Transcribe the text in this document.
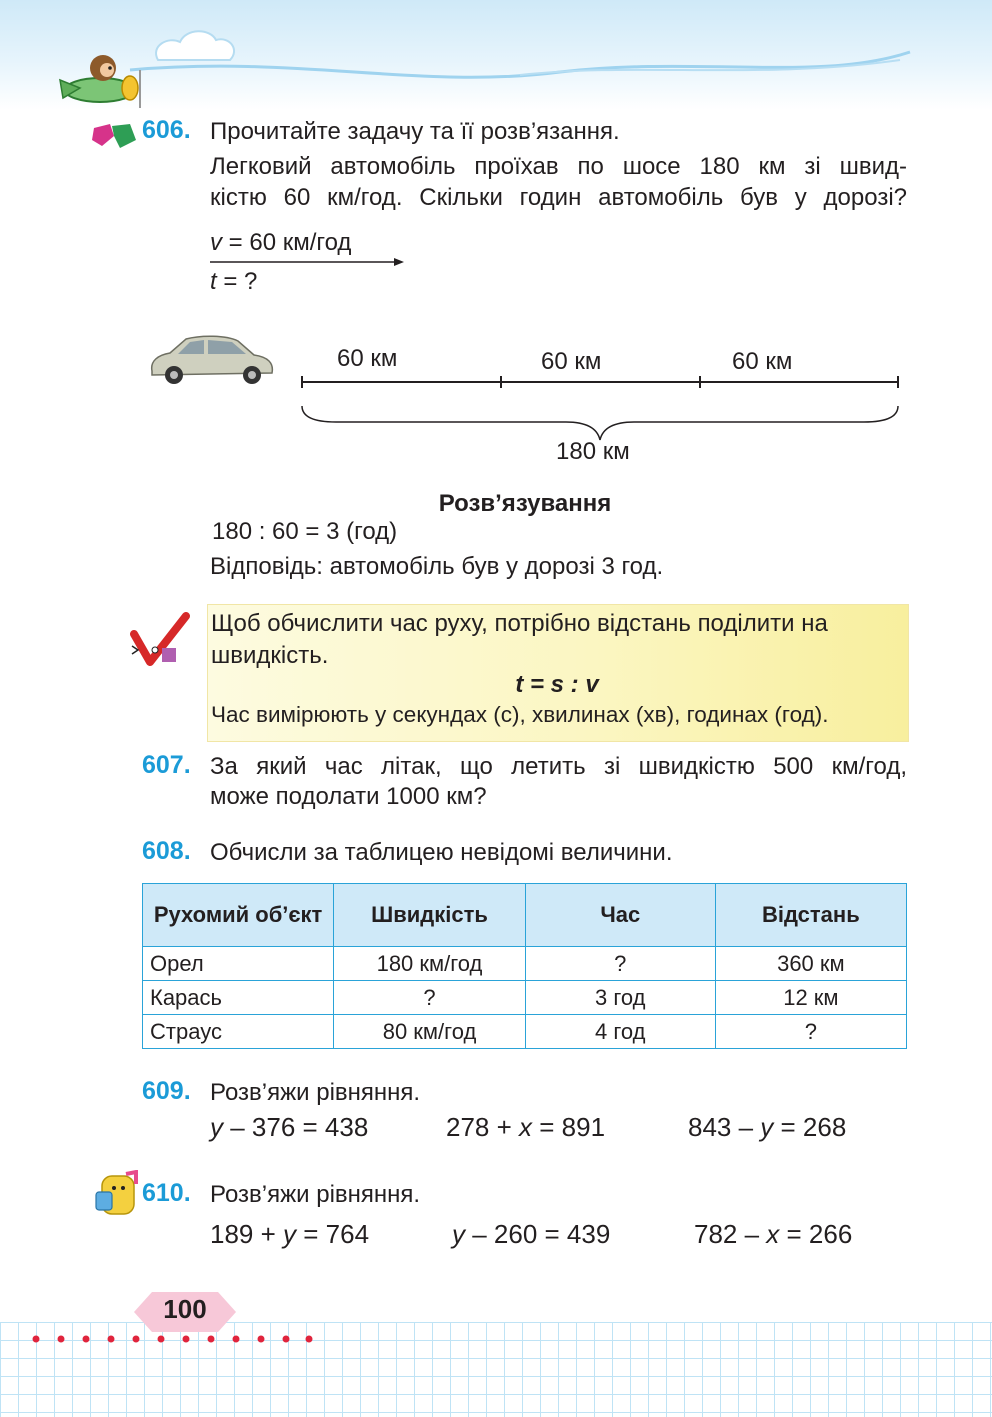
606. Прочитайте задачу та її розв’язання.
Легковий автомобіль проїхав по шосе 180 км зі швид-
кістю 60 км/год. Скільки годин автомобіль був у дорозі?
v = 60 км/год
t = ?
60 км	60 км	60 км
180 км
Розв’язування
180 : 60 = 3 (год)
Відповідь: автомобіль був у дорозі 3 год.
Щоб обчислити час руху, потрібно відстань поділити на
швидкість.
t = s : v
Час вимірюють у секундах (с), хвилинах (хв), годинах (год).
607. За який час літак, що летить зі швидкістю 500 км/год,
може подолати 1000 км?
608. Обчисли за таблицею невідомі величини.
Рухомий об’єкт	Швидкість	Час	Відстань
Орел	180 км/год	?	360 км
Карась	?	3 год	12 км
Страус	80 км/год	4 год	?
609. Розв’яжи рівняння.
y – 376 = 438	278 + x = 891	843 – y = 268
610. Розв’яжи рівняння.
189 + y = 764	y – 260 = 439	782 – x = 266
100
